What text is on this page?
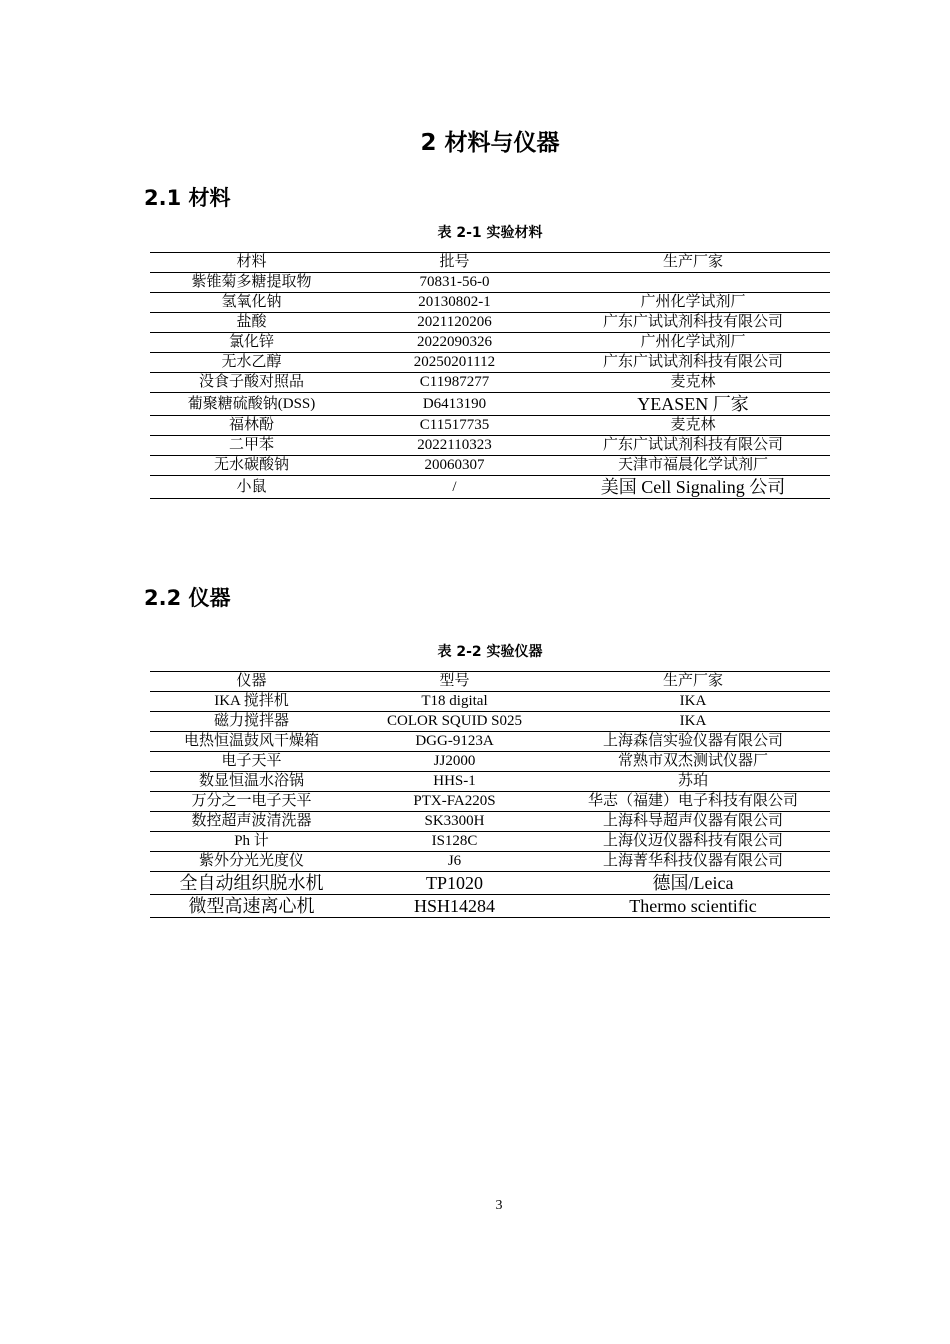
2 材料与仪器
2.1 材料
表 2-1 实验材料
材料	批号	生产厂家
紫锥菊多糖提取物	70831-56-0	
氢氧化钠	20130802-1	广州化学试剂厂
盐酸	2021120206	广东广试试剂科技有限公司
氯化锌	2022090326	广州化学试剂厂
无水乙醇	20250201112	广东广试试剂科技有限公司
没食子酸对照品	C11987277	麦克林
葡聚糖硫酸钠(DSS)	D6413190	YEASEN 厂家
福林酚	C11517735	麦克林
二甲苯	2022110323	广东广试试剂科技有限公司
无水碳酸钠	20060307	天津市福晨化学试剂厂
小鼠	/	美国 Cell Signaling 公司
2.2 仪器
表 2-2 实验仪器
仪器	型号	生产厂家
IKA 搅拌机	T18 digital	IKA
磁力搅拌器	COLOR SQUID S025	IKA
电热恒温鼓风干燥箱	DGG-9123A	上海森信实验仪器有限公司
电子天平	JJ2000	常熟市双杰测试仪器厂
数显恒温水浴锅	HHS-1	苏珀
万分之一电子天平	PTX-FA220S	华志（福建）电子科技有限公司
数控超声波清洗器	SK3300H	上海科导超声仪器有限公司
Ph 计	IS128C	上海仪迈仪器科技有限公司
紫外分光光度仪	J6	上海菁华科技仪器有限公司
全自动组织脱水机	TP1020	德国/Leica
微型高速离心机	HSH14284	Thermo scientific
3
